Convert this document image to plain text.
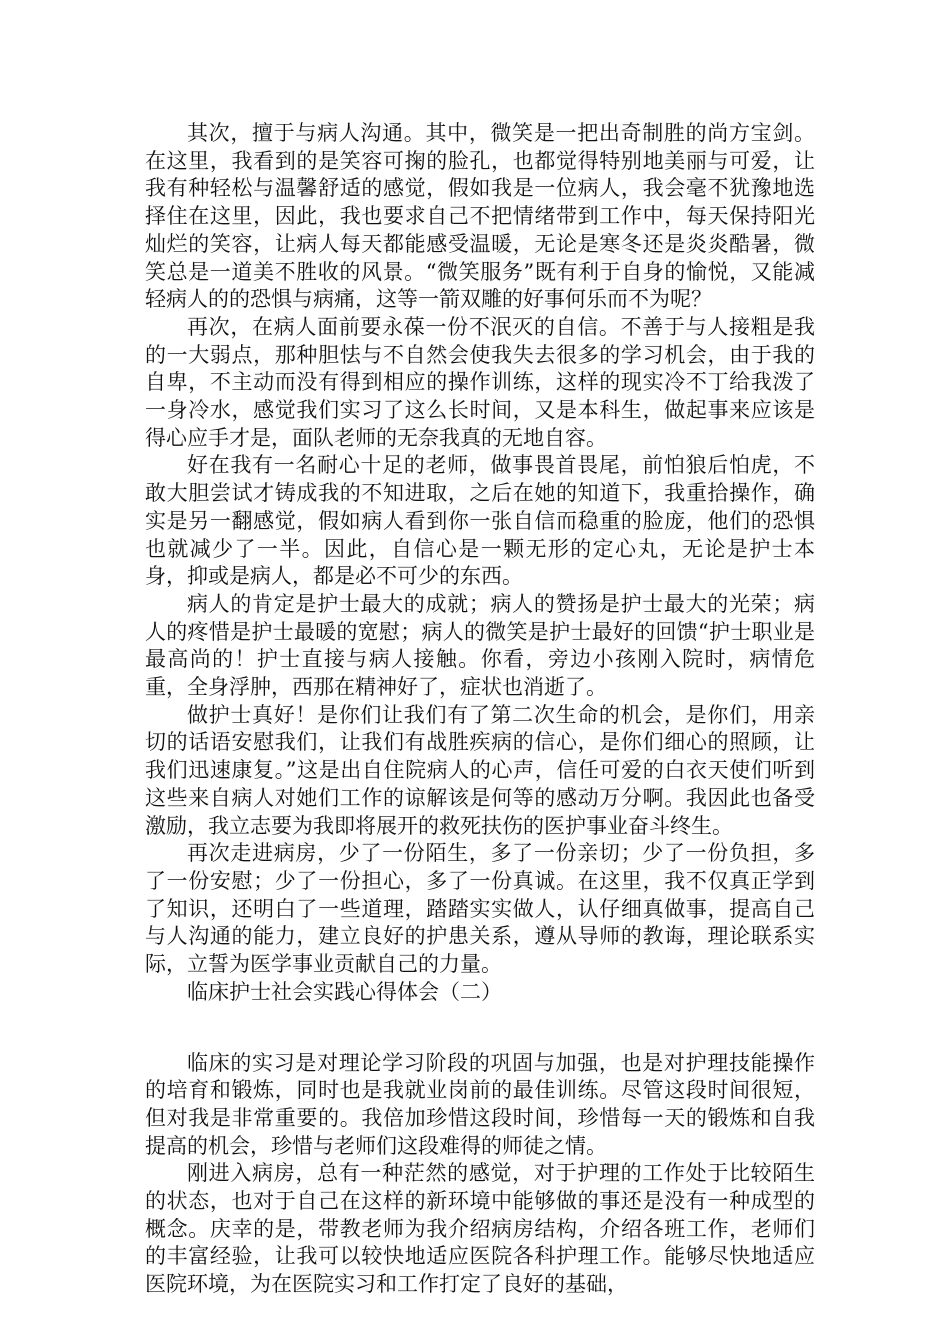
其次，擅于与病人沟通。其中，微笑是一把出奇制胜的尚方宝剑。在这里，我看到的是笑容可掬的脸孔，也都觉得特别地美丽与可爱，让我有种轻松与温馨舒适的感觉，假如我是一位病人，我会毫不犹豫地选择住在这里，因此，我也要求自己不把情绪带到工作中，每天保持阳光灿烂的笑容，让病人每天都能感受温暖，无论是寒冬还是炎炎酷暑，微笑总是一道美不胜收的风景。“微笑服务”既有利于自身的愉悦，又能减轻病人的的恐惧与病痛，这等一箭双雕的好事何乐而不为呢？

再次，在病人面前要永葆一份不泯灭的自信。不善于与人接粗是我的一大弱点，那种胆怯与不自然会使我失去很多的学习机会，由于我的自卑，不主动而没有得到相应的操作训练，这样的现实冷不丁给我泼了一身冷水，感觉我们实习了这么长时间，又是本科生，做起事来应该是得心应手才是，面队老师的无奈我真的无地自容。

好在我有一名耐心十足的老师，做事畏首畏尾，前怕狼后怕虎，不敢大胆尝试才铸成我的不知进取，之后在她的知道下，我重拾操作，确实是另一翻感觉，假如病人看到你一张自信而稳重的脸庞，他们的恐惧也就减少了一半。因此，自信心是一颗无形的定心丸，无论是护士本身，抑或是病人，都是必不可少的东西。

病人的肯定是护士最大的成就；病人的赞扬是护士最大的光荣；病人的疼惜是护士最暖的宽慰；病人的微笑是护士最好的回馈“护士职业是最高尚的！护士直接与病人接触。你看，旁边小孩刚入院时，病情危重，全身浮肿，西那在精神好了，症状也消逝了。

做护士真好！是你们让我们有了第二次生命的机会，是你们，用亲切的话语安慰我们，让我们有战胜疾病的信心，是你们细心的照顾，让我们迅速康复。”这是出自住院病人的心声，信任可爱的白衣天使们听到这些来自病人对她们工作的谅解该是何等的感动万分啊。我因此也备受激励，我立志要为我即将展开的救死扶伤的医护事业奋斗终生。

再次走进病房，少了一份陌生，多了一份亲切；少了一份负担，多了一份安慰；少了一份担心，多了一份真诚。在这里，我不仅真正学到了知识，还明白了一些道理，踏踏实实做人，认仔细真做事，提高自己与人沟通的能力，建立良好的护患关系，遵从导师的教诲，理论联系实际，立誓为医学事业贡献自己的力量。

临床护士社会实践心得体会（二）

临床的实习是对理论学习阶段的巩固与加强，也是对护理技能操作的培育和锻炼，同时也是我就业岗前的最佳训练。尽管这段时间很短，但对我是非常重要的。我倍加珍惜这段时间，珍惜每一天的锻炼和自我提高的机会，珍惜与老师们这段难得的师徒之情。

刚进入病房，总有一种茫然的感觉，对于护理的工作处于比较陌生的状态，也对于自己在这样的新环境中能够做的事还是没有一种成型的概念。庆幸的是，带教老师为我介绍病房结构，介绍各班工作，老师们的丰富经验，让我可以较快地适应医院各科护理工作。能够尽快地适应医院环境，为在医院实习和工作打定了良好的基础，
